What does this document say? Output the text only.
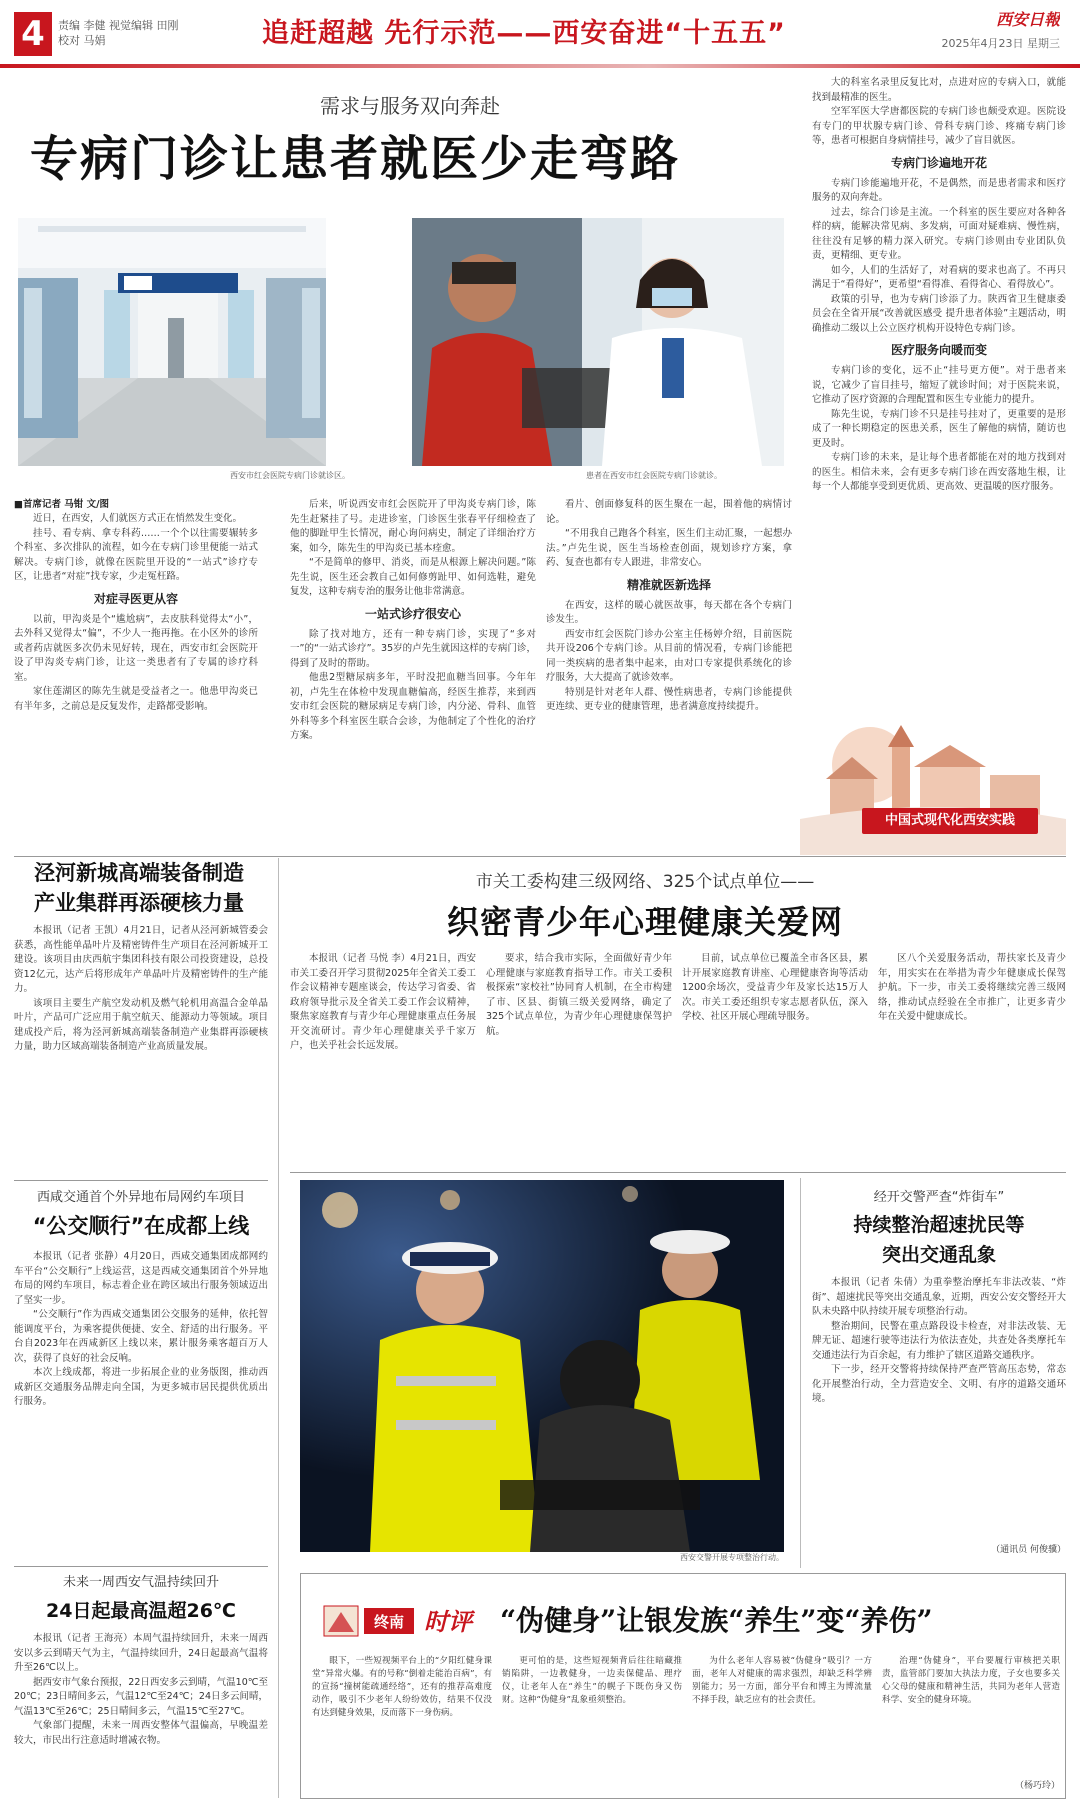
4	责编 李健 视觉编辑 田刚
校对 马娟	追赶超越 先行示范——西安奋进“十五五”	西安日報
2025年4月23日 星期三
需求与服务双向奔赴
专病门诊让患者就医少走弯路
西安市红会医院专病门诊就诊区。	患者在西安市红会医院专病门诊就诊。
■首席记者 马钳 文/图

近日，在西安，人们就医方式正在悄然发生变化。

挂号、看专病、拿专科药……一个个以往需要辗转多个科室、多次排队的流程，如今在专病门诊里便能一站式解决。专病门诊，就像在医院里开设的“一站式”诊疗专区，让患者“对症”找专家，少走冤枉路。

对症寻医更从容

以前，甲沟炎是个“尴尬病”，去皮肤科觉得太“小”，去外科又觉得太“偏”，不少人一拖再拖。在小区外的诊所或者药店就医多次仍未见好转，现在，西安市红会医院开设了甲沟炎专病门诊，让这一类患者有了专属的诊疗科室。

家住莲湖区的陈先生就是受益者之一。他患甲沟炎已有半年多，之前总是反复发作，走路都受影响。

后来，听说西安市红会医院开了甲沟炎专病门诊，陈先生赶紧挂了号。走进诊室，门诊医生张春平仔细检查了他的脚趾甲生长情况，耐心询问病史，制定了详细治疗方案，如今，陈先生的甲沟炎已基本痊愈。

“不是简单的修甲、消炎，而是从根源上解决问题。”陈先生说，医生还会教自己如何修剪趾甲、如何选鞋，避免复发，这种专病专治的服务让他非常满意。

一站式诊疗很安心

除了找对地方，还有一种专病门诊，实现了“多对一”的“一站式诊疗”。35岁的卢先生就因这样的专病门诊，得到了及时的帮助。

他患2型糖尿病多年，平时没把血糖当回事。今年年初，卢先生在体检中发现血糖偏高，经医生推荐，来到西安市红会医院的糖尿病足专病门诊，内分泌、骨科、血管外科等多个科室医生联合会诊，为他制定了个性化的治疗方案。

看片、创面修复科的医生聚在一起，围着他的病情讨论。

“不用我自己跑各个科室，医生们主动汇聚，一起想办法。”卢先生说，医生当场检查创面，规划诊疗方案，拿药、复查也都有专人跟进，非常安心。

精准就医新选择

在西安，这样的暖心就医故事，每天都在各个专病门诊发生。

西安市红会医院门诊办公室主任杨婷介绍，目前医院共开设206个专病门诊。从目前的情况看，专病门诊能把同一类疾病的患者集中起来，由对口专家提供系统化的诊疗服务，大大提高了就诊效率。

特别是针对老年人群、慢性病患者，专病门诊能提供更连续、更专业的健康管理，患者满意度持续提升。

大的科室名录里反复比对，点进对应的专病入口，就能找到最精准的医生。

空军军医大学唐都医院的专病门诊也颇受欢迎。医院设有专门的甲状腺专病门诊、骨科专病门诊、疼痛专病门诊等，患者可根据自身病情挂号，减少了盲目就医。

专病门诊遍地开花

专病门诊能遍地开花，不是偶然，而是患者需求和医疗服务的双向奔赴。

过去，综合门诊是主流。一个科室的医生要应对各种各样的病，能解决常见病、多发病，可面对疑难病、慢性病，往往没有足够的精力深入研究。专病门诊则由专业团队负责，更精细、更专业。

如今，人们的生活好了，对看病的要求也高了。不再只满足于“看得好”，更希望“看得准、看得省心、看得放心”。

政策的引导，也为专病门诊添了力。陕西省卫生健康委员会在全省开展“改善就医感受 提升患者体验”主题活动，明确推动二级以上公立医疗机构开设特色专病门诊。

医疗服务向暖而变

专病门诊的变化，远不止“挂号更方便”。对于患者来说，它减少了盲目挂号，缩短了就诊时间；对于医院来说，它推动了医疗资源的合理配置和医生专业能力的提升。

陈先生说，专病门诊不只是挂号挂对了，更重要的是形成了一种长期稳定的医患关系，医生了解他的病情，随访也更及时。

专病门诊的未来，是让每个患者都能在对的地方找到对的医生。相信未来，会有更多专病门诊在西安落地生根，让每一个人都能享受到更优质、更高效、更温暖的医疗服务。

中国式现代化西安实践
泾河新城高端装备制造
产业集群再添硬核力量

本报讯（记者 王凯）4月21日，记者从泾河新城管委会获悉，高性能单晶叶片及精密铸件生产项目在泾河新城开工建设。该项目由庆西航宇集团科技有限公司投资建设，总投资12亿元，达产后将形成年产单晶叶片及精密铸件的生产能力。

该项目主要生产航空发动机及燃气轮机用高温合金单晶叶片，产品可广泛应用于航空航天、能源动力等领域。项目建成投产后，将为泾河新城高端装备制造产业集群再添硬核力量，助力区域高端装备制造产业高质量发展。

市关工委构建三级网络、325个试点单位——
织密青少年心理健康关爱网

本报讯（记者 马悦 李）4月21日，西安市关工委召开学习贯彻2025年全省关工委工作会议精神专题座谈会，传达学习省委、省政府领导批示及全省关工委工作会议精神，聚焦家庭教育与青少年心理健康重点任务展开交流研讨。青少年心理健康关乎千家万户，也关乎社会长远发展。

要求，结合我市实际，全面做好青少年心理健康与家庭教育指导工作。市关工委积极探索“家校社”协同育人机制，在全市构建了市、区县、街镇三级关爱网络，确定了325个试点单位，为青少年心理健康保驾护航。

目前，试点单位已覆盖全市各区县，累计开展家庭教育讲座、心理健康咨询等活动1200余场次，受益青少年及家长达15万人次。市关工委还组织专家志愿者队伍，深入学校、社区开展心理疏导服务。

区八个关爱服务活动，帮扶家长及青少年，用实实在在举措为青少年健康成长保驾护航。下一步，市关工委将继续完善三级网络，推动试点经验在全市推广，让更多青少年在关爱中健康成长。

西咸交通首个外异地布局网约车项目
“公交顺行”在成都上线

本报讯（记者 张静）4月20日，西咸交通集团成都网约车平台“公交顺行”上线运营，这是西咸交通集团首个外异地布局的网约车项目，标志着企业在跨区域出行服务领域迈出了坚实一步。

“公交顺行”作为西咸交通集团公交服务的延伸，依托智能调度平台，为乘客提供便捷、安全、舒适的出行服务。平台自2023年在西咸新区上线以来，累计服务乘客超百万人次，获得了良好的社会反响。

本次上线成都，将进一步拓展企业的业务版图，推动西咸新区交通服务品牌走向全国，为更多城市居民提供优质出行服务。

西安交警开展专项整治行动。
经开交警严查“炸街车”
持续整治超速扰民等
突出交通乱象

本报讯（记者 朱倩）为重拳整治摩托车非法改装、“炸街”、超速扰民等突出交通乱象，近期，西安公安交警经开大队未央路中队持续开展专项整治行动。

整治期间，民警在重点路段设卡检查，对非法改装、无牌无证、超速行驶等违法行为依法查处，共查处各类摩托车交通违法行为百余起，有力维护了辖区道路交通秩序。

下一步，经开交警将持续保持严查严管高压态势，常态化开展整治行动，全力营造安全、文明、有序的道路交通环境。

（通讯员 何俊骥）
未来一周西安气温持续回升
24日起最高温超26℃

本报讯（记者 王海亮）本周气温持续回升，未来一周西安以多云到晴天气为主，气温持续回升，24日起最高气温将升至26℃以上。

据西安市气象台预报，22日西安多云到晴，气温10℃至20℃；23日晴间多云，气温12℃至24℃；24日多云间晴，气温13℃至26℃；25日晴间多云，气温15℃至27℃。

气象部门提醒，未来一周西安整体气温偏高，早晚温差较大，市民出行注意适时增减衣物。

终南 时评 “伪健身”让银发族“养生”变“养伤”

眼下，一些短视频平台上的“夕阳红健身课堂”异常火爆。有的号称“倒着走能治百病”，有的宣扬“撞树能疏通经络”，还有的推荐高难度动作，吸引不少老年人纷纷效仿，结果不仅没有达到健身效果，反而落下一身伤病。

更可怕的是，这些短视频背后往往暗藏推销陷阱，一边教健身，一边卖保健品、理疗仪，让老年人在“养生”的幌子下既伤身又伤财。这种“伪健身”乱象亟须整治。

为什么老年人容易被“伪健身”吸引？一方面，老年人对健康的需求强烈，却缺乏科学辨别能力；另一方面，部分平台和博主为博流量不择手段，缺乏应有的社会责任。

治理“伪健身”，平台要履行审核把关职责，监管部门要加大执法力度，子女也要多关心父母的健康和精神生活，共同为老年人营造科学、安全的健身环境。

（杨巧玲）
